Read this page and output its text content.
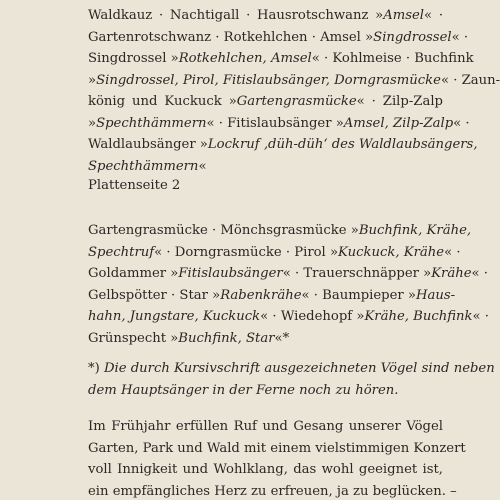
Waldkauz · Nachtigall · Hausrotschwanz »Amsel« ·
Gartenrotschwanz · Rotkehlchen · Amsel »Singdrossel« ·
Singdrossel »Rotkehlchen, Amsel« · Kohlmeise · Buchfink
»Singdrossel, Pirol, Fitislaubsänger, Dorngrasmücke« · Zaun-
könig und Kuckuck »Gartengrasmücke« · Zilp-Zalp
»Spechthämmern« · Fitislaubsänger »Amsel, Zilp-Zalp« ·
Waldlaubsänger »Lockruf ‚düh-düh‘ des Waldlaubsängers,
Spechthämmern«
Plattenseite 2
Gartengrasmücke · Mönchsgrasmücke »Buchfink, Krähe,
Spechtruf« · Dorngrasmücke · Pirol »Kuckuck, Krähe« ·
Goldammer »Fitislaubsänger« · Trauerschnäpper »Krähe« ·
Gelbspötter · Star »Rabenkrähe« · Baumpieper »Haus-
hahn, Jungstare, Kuckuck« · Wiedehopf »Krähe, Buchfink« ·
Grünspecht »Buchfink, Star«*
*) Die durch Kursivschrift ausgezeichneten Vögel sind neben
dem Hauptsänger in der Ferne noch zu hören.
Im Frühjahr erfüllen Ruf und Gesang unserer Vögel
Garten, Park und Wald mit einem vielstimmigen Konzert
voll Innigkeit und Wohlklang, das wohl geeignet ist,
ein empfängliches Herz zu erfreuen, ja zu beglücken. –
